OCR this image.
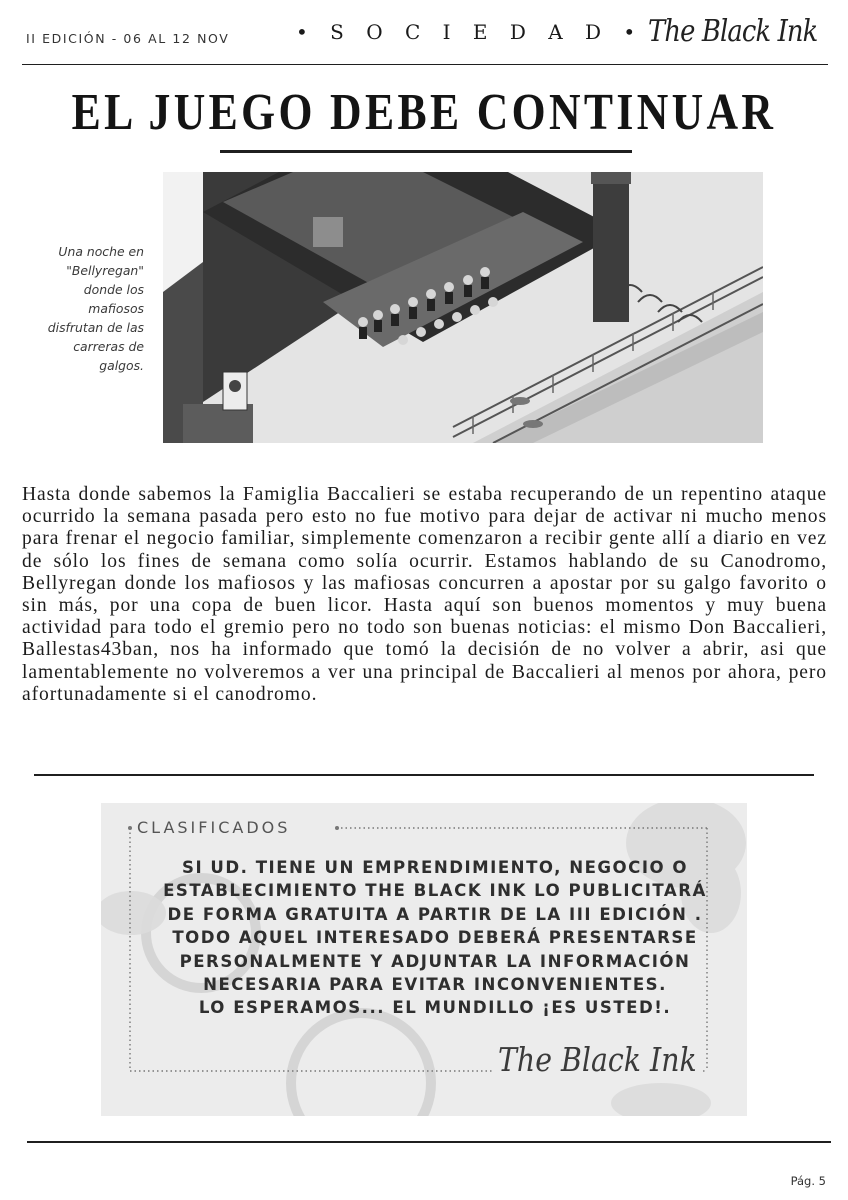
II EDICIÓN - 06 AL 12 NOV	• S O C I E D A D • The Black Ink
EL JUEGO DEBE CONTINUAR
Una noche en "Bellyregan" donde los mafiosos disfrutan de las carreras de galgos.
Hasta donde sabemos la Famiglia Baccalieri se estaba recuperando de un repentino ataque ocurrido la semana pasada pero esto no fue motivo para dejar de activar ni mucho menos para frenar el negocio familiar, simplemente comenzaron a recibir gente allí a diario en vez de sólo los fines de semana como solía ocurrir. Estamos hablando de su Canodromo, Bellyregan donde los mafiosos y las mafiosas concurren a apostar por su galgo favorito o sin más, por una copa de buen licor. Hasta aquí son buenos momentos y muy buena actividad para todo el gremio pero no todo son buenas noticias: el mismo Don Baccalieri, Ballestas43ban, nos ha informado que tomó la decisión de no volver a abrir, asi que lamentablemente no volveremos a ver una principal de Baccalieri al menos por ahora, pero afortunadamente si el canodromo.
CLASIFICADOS
SI UD. TIENE UN EMPRENDIMIENTO, NEGOCIO O
ESTABLECIMIENTO THE BLACK INK LO PUBLICITARÁ
DE FORMA GRATUITA A PARTIR DE LA III EDICIÓN .
TODO AQUEL INTERESADO DEBERÁ PRESENTARSE
PERSONALMENTE Y ADJUNTAR LA INFORMACIÓN
NECESARIA PARA EVITAR INCONVENIENTES.
LO ESPERAMOS... EL MUNDILLO ¡ES USTED!.
The Black Ink
Pág. 5
